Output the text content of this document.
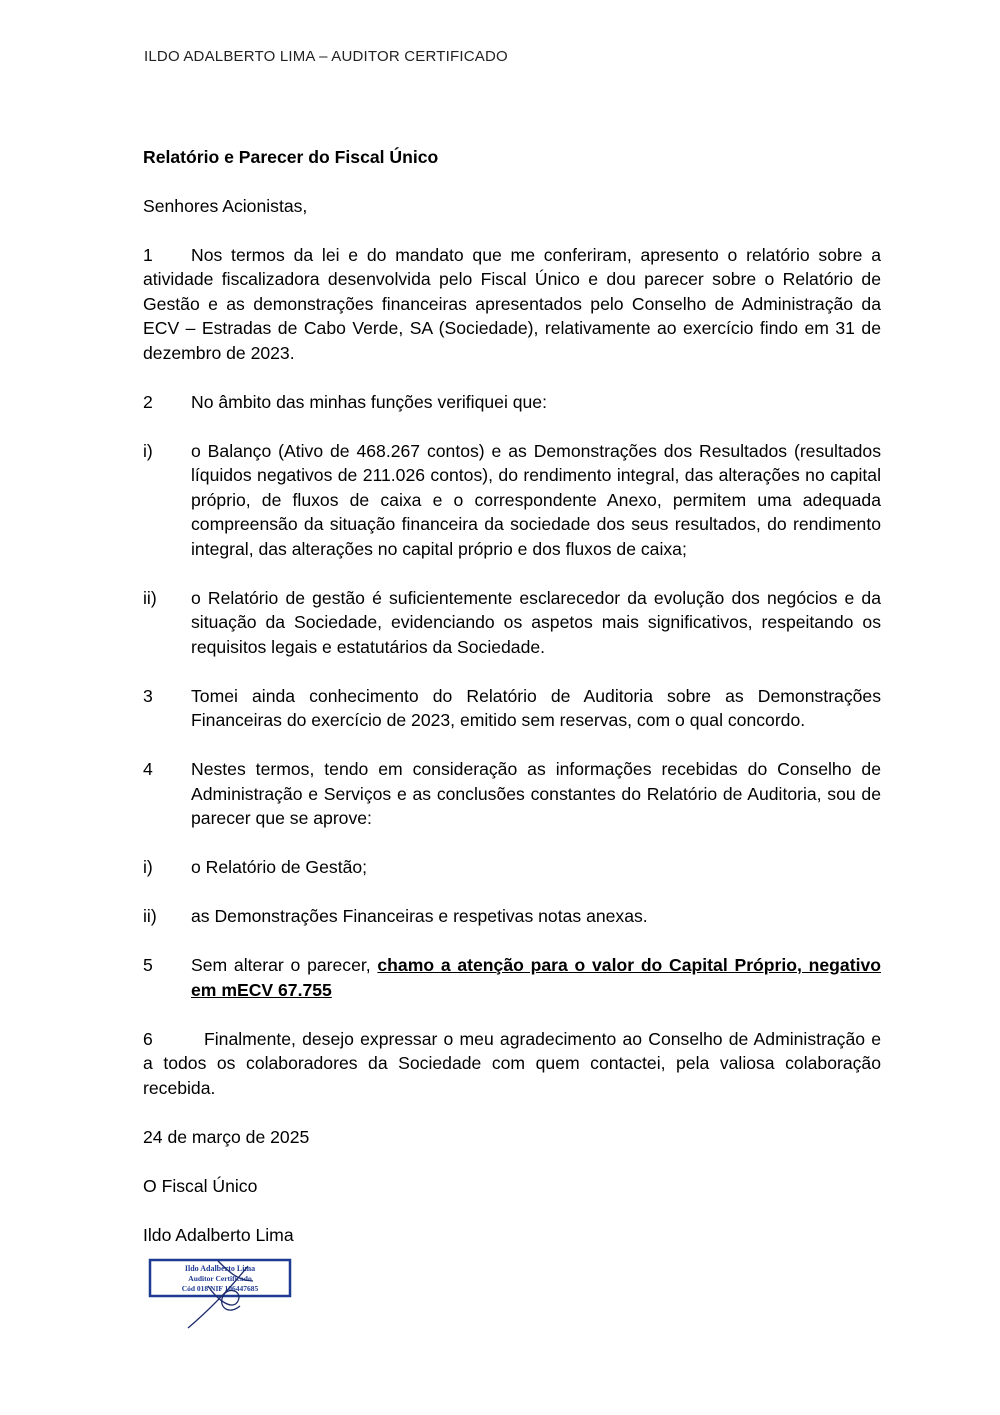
ILDO ADALBERTO LIMA – AUDITOR CERTIFICADO
Relatório e Parecer do Fiscal Único
Senhores Acionistas,
1 Nos termos da lei e do mandato que me conferiram, apresento o relatório sobre a atividade fiscalizadora desenvolvida pelo Fiscal Único e dou parecer sobre o Relatório de Gestão e as demonstrações financeiras apresentados pelo Conselho de Administração da ECV – Estradas de Cabo Verde, SA (Sociedade), relativamente ao exercício findo em 31 de dezembro de 2023.
2	No âmbito das minhas funções verifiquei que:
i)	o Balanço (Ativo de 468.267 contos) e as Demonstrações dos Resultados (resultados líquidos negativos de 211.026 contos), do rendimento integral, das alterações no capital próprio, de fluxos de caixa e o correspondente Anexo, permitem uma adequada compreensão da situação financeira da sociedade dos seus resultados, do rendimento integral, das alterações no capital próprio e dos fluxos de caixa;
ii)	o Relatório de gestão é suficientemente esclarecedor da evolução dos negócios e da situação da Sociedade, evidenciando os aspetos mais significativos, respeitando os requisitos legais e estatutários da Sociedade.
3	Tomei ainda conhecimento do Relatório de Auditoria sobre as Demonstrações Financeiras do exercício de 2023, emitido sem reservas, com o qual concordo.
4	Nestes termos, tendo em consideração as informações recebidas do Conselho de Administração e Serviços e as conclusões constantes do Relatório de Auditoria, sou de parecer que se aprove:
i)	o Relatório de Gestão;
ii)	as Demonstrações Financeiras e respetivas notas anexas.
5	Sem alterar o parecer, chamo a atenção para o valor do Capital Próprio, negativo em mECV 67.755
6	Finalmente, desejo expressar o meu agradecimento ao Conselho de Administração e a todos os colaboradores da Sociedade com quem contactei, pela valiosa colaboração recebida.
24 de março de 2025
O Fiscal Único
Ildo Adalberto Lima
Ildo Adalberto Lima
Auditor Certificado
Cód 018 NIF 106447685
